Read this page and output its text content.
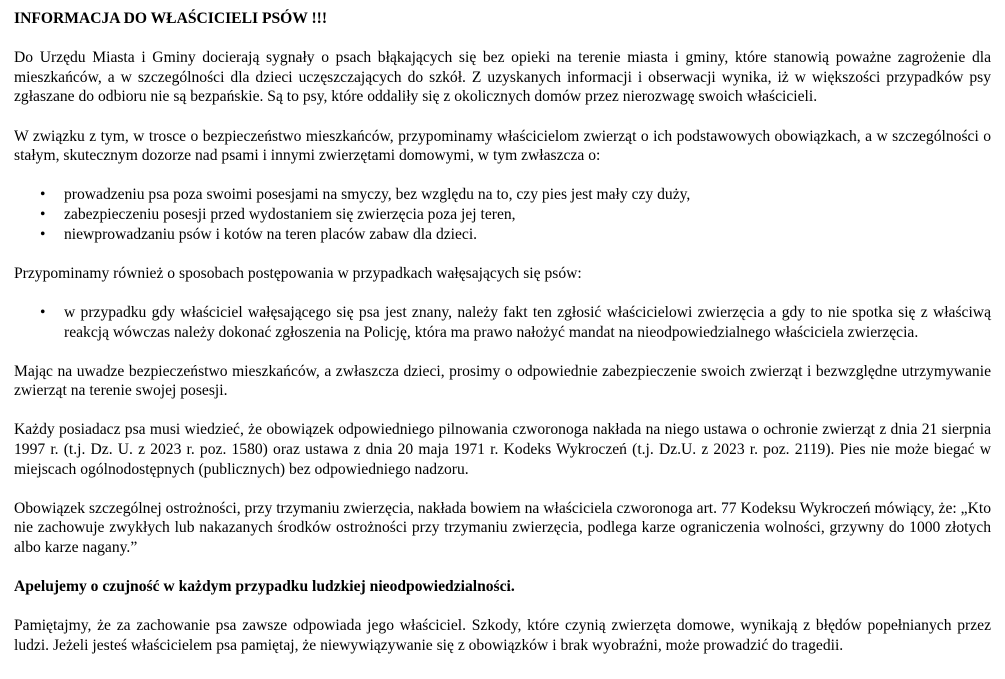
INFORMACJA DO WŁAŚCICIELI PSÓW !!!

Do Urzędu Miasta i Gminy docierają sygnały o psach błąkających się bez opieki na terenie miasta i gminy, które stanowią poważne zagrożenie dla mieszkańców, a w szczególności dla dzieci uczęszczających do szkół. Z uzyskanych informacji i obserwacji wynika, iż w większości przypadków psy zgłaszane do odbioru nie są bezpańskie. Są to psy, które oddaliły się z okolicznych domów przez nierozwagę swoich właścicieli.

W związku z tym, w trosce o bezpieczeństwo mieszkańców, przypominamy właścicielom zwierząt o ich podstawowych obowiązkach, a w szczególności o stałym, skutecznym dozorze nad psami i innymi zwierzętami domowymi, w tym zwłaszcza o:

• prowadzeniu psa poza swoimi posesjami na smyczy, bez względu na to, czy pies jest mały czy duży,
• zabezpieczeniu posesji przed wydostaniem się zwierzęcia poza jej teren,
• niewprowadzaniu psów i kotów na teren placów zabaw dla dzieci.

Przypominamy również o sposobach postępowania w przypadkach wałęsających się psów:

• w przypadku gdy właściciel wałęsającego się psa jest znany, należy fakt ten zgłosić właścicielowi zwierzęcia a gdy to nie spotka się z właściwą reakcją wówczas należy dokonać zgłoszenia na Policję, która ma prawo nałożyć mandat na nieodpowiedzialnego właściciela zwierzęcia.

Mając na uwadze bezpieczeństwo mieszkańców, a zwłaszcza dzieci, prosimy o odpowiednie zabezpieczenie swoich zwierząt i bezwzględne utrzymywanie zwierząt na terenie swojej posesji.

Każdy posiadacz psa musi wiedzieć, że obowiązek odpowiedniego pilnowania czworonoga nakłada na niego ustawa o ochronie zwierząt z dnia 21 sierpnia 1997 r. (t.j. Dz. U. z 2023 r. poz. 1580) oraz ustawa z dnia 20 maja 1971 r. Kodeks Wykroczeń (t.j. Dz.U. z 2023 r. poz. 2119). Pies nie może biegać w miejscach ogólnodostępnych (publicznych) bez odpowiedniego nadzoru.

Obowiązek szczególnej ostrożności, przy trzymaniu zwierzęcia, nakłada bowiem na właściciela czworonoga art. 77 Kodeksu Wykroczeń mówiący, że: „Kto nie zachowuje zwykłych lub nakazanych środków ostrożności przy trzymaniu zwierzęcia, podlega karze ograniczenia wolności, grzywny do 1000 złotych albo karze nagany.”

Apelujemy o czujność w każdym przypadku ludzkiej nieodpowiedzialności.

Pamiętajmy, że za zachowanie psa zawsze odpowiada jego właściciel. Szkody, które czynią zwierzęta domowe, wynikają z błędów popełnianych przez ludzi. Jeżeli jesteś właścicielem psa pamiętaj, że niewywiązywanie się z obowiązków i brak wyobraźni, może prowadzić do tragedii.
